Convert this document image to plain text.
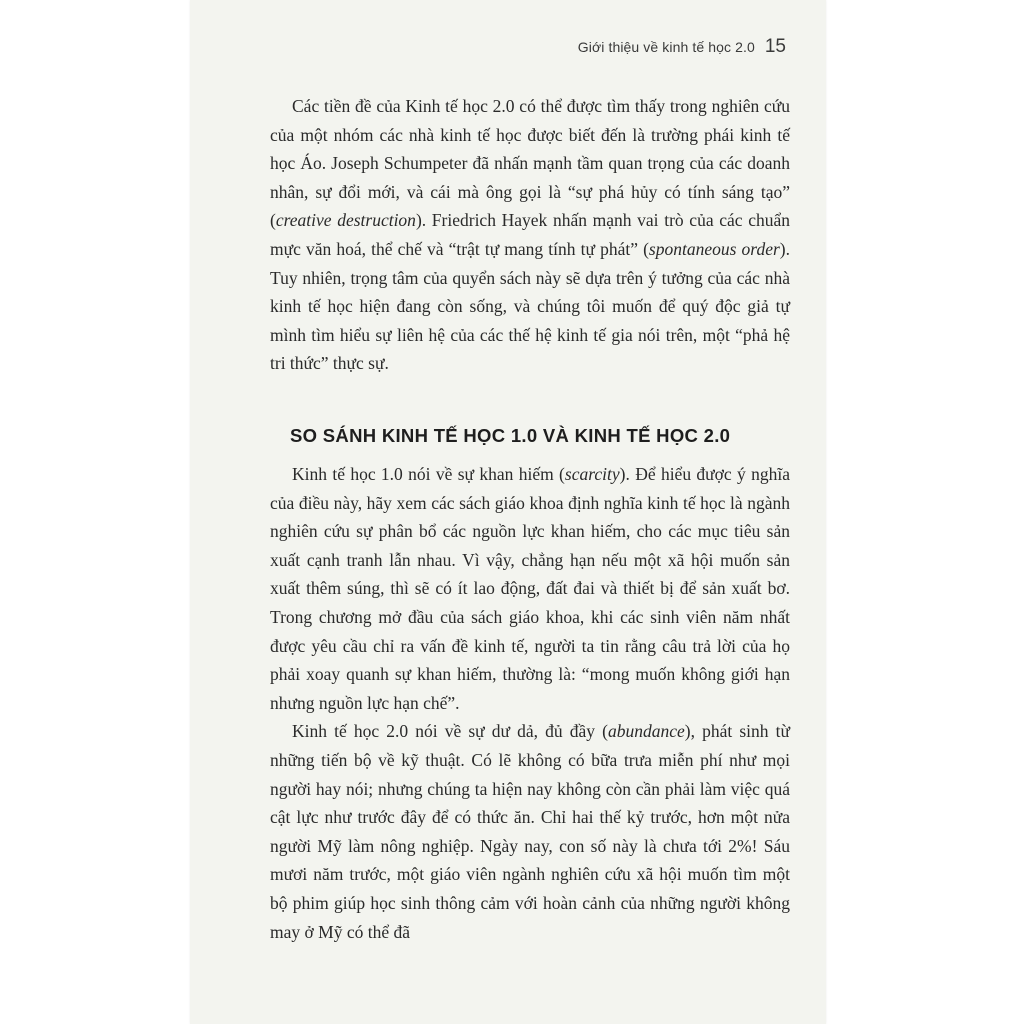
Giới thiệu về kinh tế học 2.0 15

Các tiền đề của Kinh tế học 2.0 có thể được tìm thấy trong nghiên cứu của một nhóm các nhà kinh tế học được biết đến là trường phái kinh tế học Áo. Joseph Schumpeter đã nhấn mạnh tầm quan trọng của các doanh nhân, sự đổi mới, và cái mà ông gọi là “sự phá hủy có tính sáng tạo” (creative destruction). Friedrich Hayek nhấn mạnh vai trò của các chuẩn mực văn hoá, thể chế và “trật tự mang tính tự phát” (spontaneous order). Tuy nhiên, trọng tâm của quyển sách này sẽ dựa trên ý tưởng của các nhà kinh tế học hiện đang còn sống, và chúng tôi muốn để quý độc giả tự mình tìm hiểu sự liên hệ của các thế hệ kinh tế gia nói trên, một “phả hệ tri thức” thực sự.

SO SÁNH KINH TẾ HỌC 1.0 VÀ KINH TẾ HỌC 2.0

Kinh tế học 1.0 nói về sự khan hiếm (scarcity). Để hiểu được ý nghĩa của điều này, hãy xem các sách giáo khoa định nghĩa kinh tế học là ngành nghiên cứu sự phân bổ các nguồn lực khan hiếm, cho các mục tiêu sản xuất cạnh tranh lẫn nhau. Vì vậy, chẳng hạn nếu một xã hội muốn sản xuất thêm súng, thì sẽ có ít lao động, đất đai và thiết bị để sản xuất bơ. Trong chương mở đầu của sách giáo khoa, khi các sinh viên năm nhất được yêu cầu chỉ ra vấn đề kinh tế, người ta tin rằng câu trả lời của họ phải xoay quanh sự khan hiếm, thường là: “mong muốn không giới hạn nhưng nguồn lực hạn chế”.

Kinh tế học 2.0 nói về sự dư dả, đủ đầy (abundance), phát sinh từ những tiến bộ về kỹ thuật. Có lẽ không có bữa trưa miễn phí như mọi người hay nói; nhưng chúng ta hiện nay không còn cần phải làm việc quá cật lực như trước đây để có thức ăn. Chỉ hai thế kỷ trước, hơn một nửa người Mỹ làm nông nghiệp. Ngày nay, con số này là chưa tới 2%! Sáu mươi năm trước, một giáo viên ngành nghiên cứu xã hội muốn tìm một bộ phim giúp học sinh thông cảm với hoàn cảnh của những người không may ở Mỹ có thể đã
